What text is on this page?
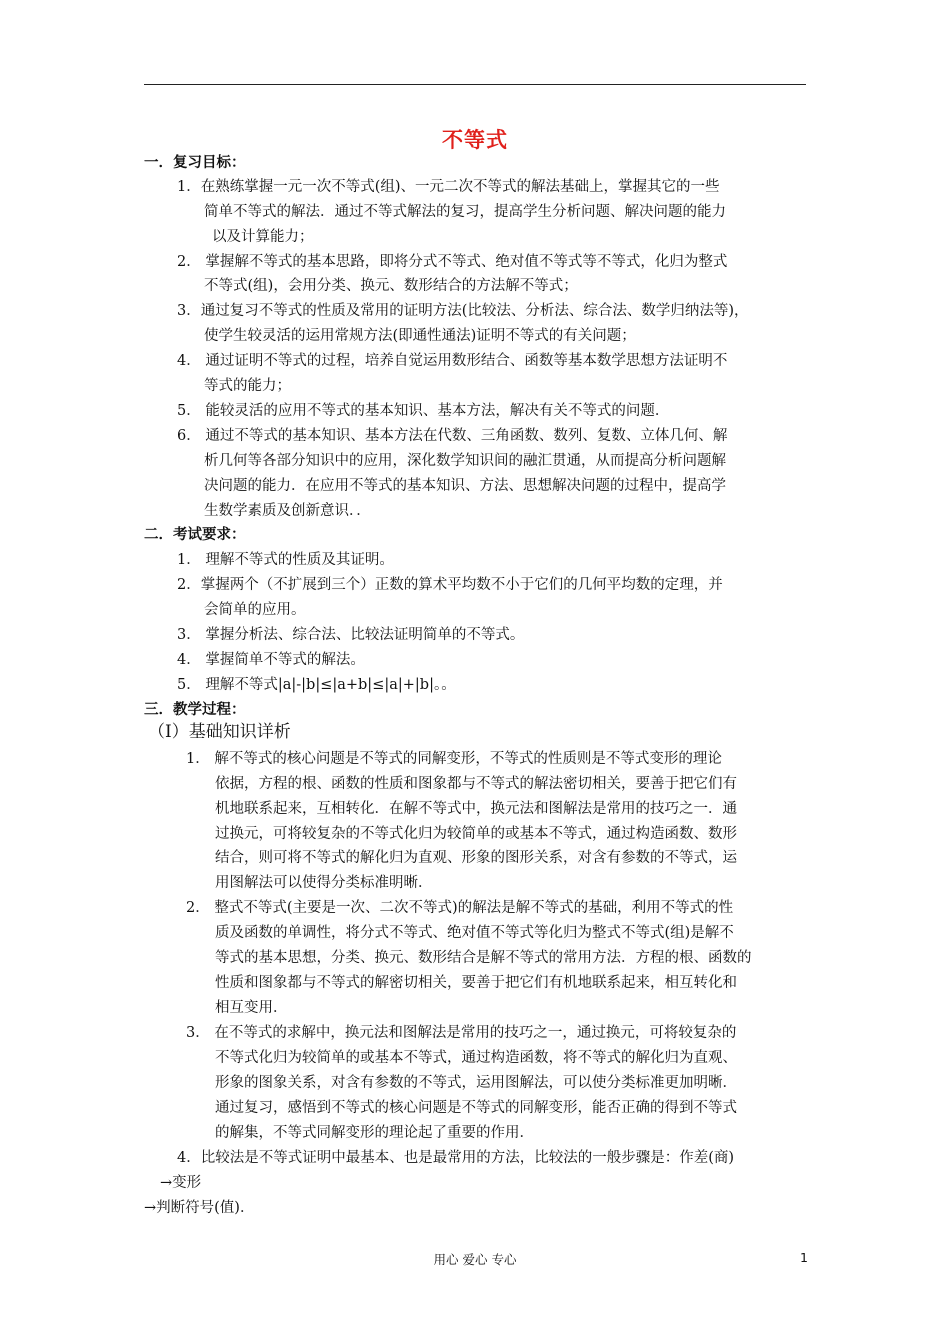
不等式
一．复习目标：
1．在熟练掌握一元一次不等式(组)、一元二次不等式的解法基础上，掌握其它的一些
简单不等式的解法．通过不等式解法的复习，提高学生分析问题、解决问题的能力
以及计算能力；
2． 掌握解不等式的基本思路，即将分式不等式、绝对值不等式等不等式，化归为整式
不等式(组)，会用分类、换元、数形结合的方法解不等式；
3．通过复习不等式的性质及常用的证明方法(比较法、分析法、综合法、数学归纳法等)，
使学生较灵活的运用常规方法(即通性通法)证明不等式的有关问题；
4． 通过证明不等式的过程，培养自觉运用数形结合、函数等基本数学思想方法证明不
等式的能力；
5． 能较灵活的应用不等式的基本知识、基本方法，解决有关不等式的问题．
6． 通过不等式的基本知识、基本方法在代数、三角函数、数列、复数、立体几何、解
析几何等各部分知识中的应用，深化数学知识间的融汇贯通，从而提高分析问题解
决问题的能力．在应用不等式的基本知识、方法、思想解决问题的过程中，提高学
生数学素质及创新意识．．
二．考试要求：
1． 理解不等式的性质及其证明。
2．掌握两个（不扩展到三个）正数的算术平均数不小于它们的几何平均数的定理，并
会简单的应用。
3． 掌握分析法、综合法、比较法证明简单的不等式。
4． 掌握简单不等式的解法。
5． 理解不等式|a|-|b|≤|a+b|≤|a|+|b|。。
三．教学过程：
（Ⅰ）基础知识详析
1． 解不等式的核心问题是不等式的同解变形，不等式的性质则是不等式变形的理论
依据，方程的根、函数的性质和图象都与不等式的解法密切相关，要善于把它们有
机地联系起来，互相转化．在解不等式中，换元法和图解法是常用的技巧之一．通
过换元，可将较复杂的不等式化归为较简单的或基本不等式，通过构造函数、数形
结合，则可将不等式的解化归为直观、形象的图形关系，对含有参数的不等式，运
用图解法可以使得分类标准明晰．
2． 整式不等式(主要是一次、二次不等式)的解法是解不等式的基础，利用不等式的性
质及函数的单调性，将分式不等式、绝对值不等式等化归为整式不等式(组)是解不
等式的基本思想，分类、换元、数形结合是解不等式的常用方法．方程的根、函数的
性质和图象都与不等式的解密切相关，要善于把它们有机地联系起来，相互转化和
相互变用．
3． 在不等式的求解中，换元法和图解法是常用的技巧之一，通过换元，可将较复杂的
不等式化归为较简单的或基本不等式，通过构造函数，将不等式的解化归为直观、
形象的图象关系，对含有参数的不等式，运用图解法，可以使分类标准更加明晰．
通过复习，感悟到不等式的核心问题是不等式的同解变形，能否正确的得到不等式
的解集，不等式同解变形的理论起了重要的作用．
4．比较法是不等式证明中最基本、也是最常用的方法，比较法的一般步骤是：作差(商)
→变形
→判断符号(值)．
用心 爱心 专心	1
